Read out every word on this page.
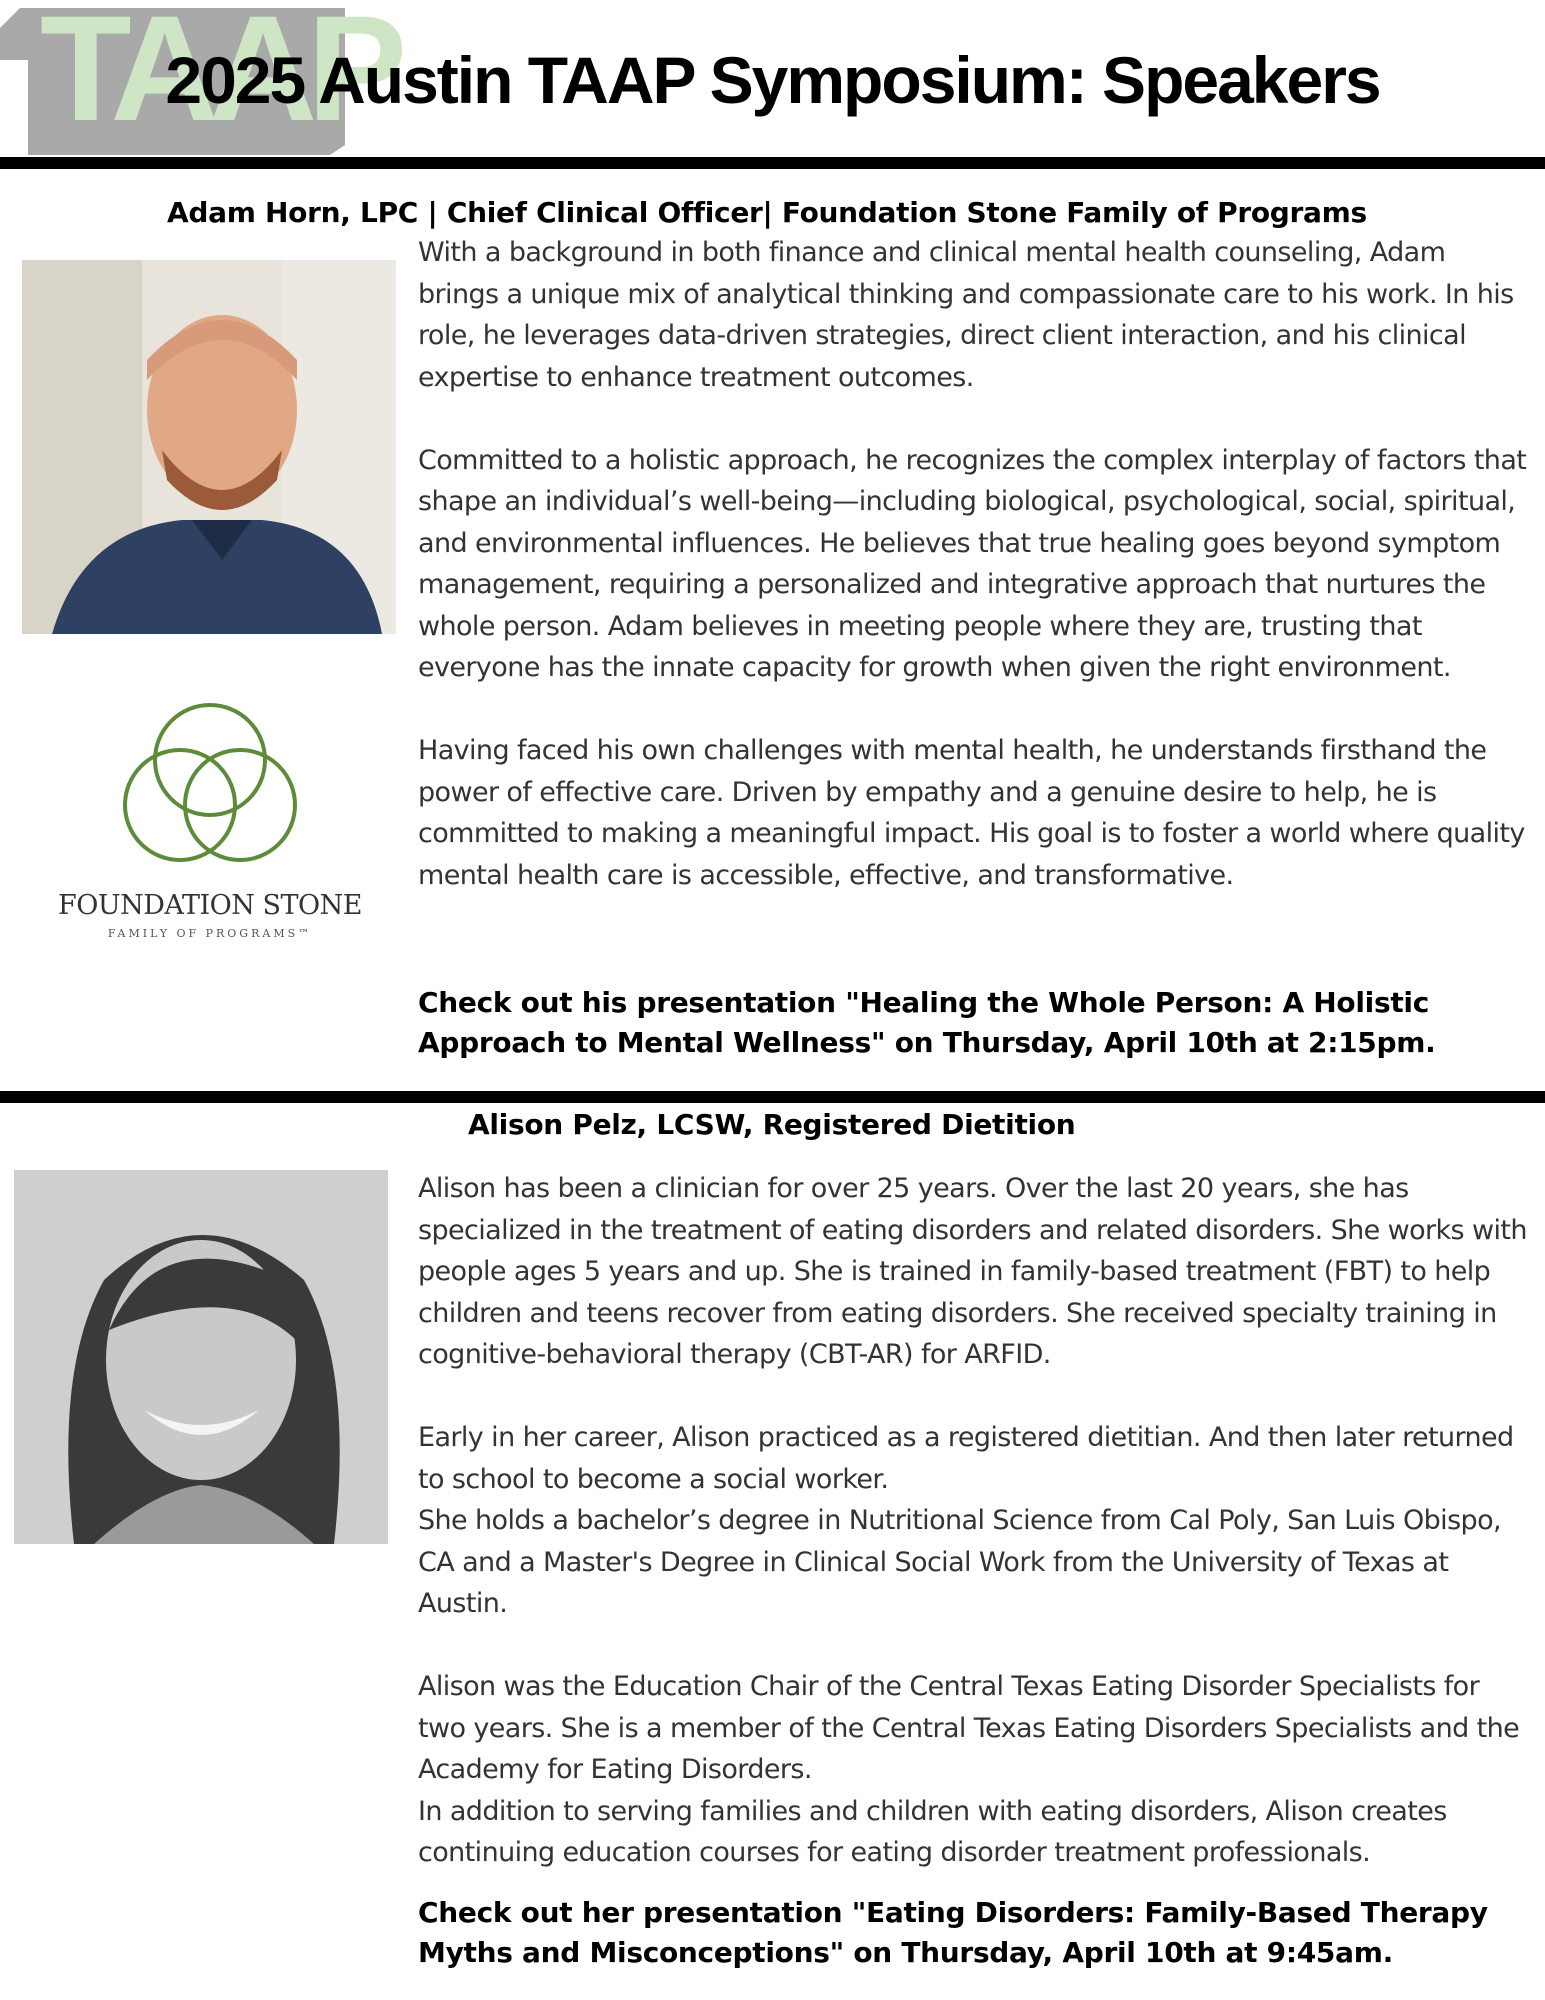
TAAP
2025 Austin TAAP Symposium: Speakers
Adam Horn, LPC | Chief Clinical Officer| Foundation Stone Family of Programs
FOUNDATION STONE
FAMILY OF PROGRAMS™

With a background in both finance and clinical mental health counseling, Adam brings a unique mix of analytical thinking and compassionate care to his work. In his role, he leverages data-driven strategies, direct client interaction, and his clinical expertise to enhance treatment outcomes.

Committed to a holistic approach, he recognizes the complex interplay of factors that shape an individual’s well-being—including biological, psychological, social, spiritual, and environmental influences. He believes that true healing goes beyond symptom management, requiring a personalized and integrative approach that nurtures the whole person. Adam believes in meeting people where they are, trusting that everyone has the innate capacity for growth when given the right environment.

Having faced his own challenges with mental health, he understands firsthand the power of effective care. Driven by empathy and a genuine desire to help, he is committed to making a meaningful impact. His goal is to foster a world where quality mental health care is accessible, effective, and transformative.

Check out his presentation "Healing the Whole Person: A Holistic Approach to Mental Wellness" on Thursday, April 10th at 2:15pm.
Alison Pelz, LCSW, Registered Dietition

Alison has been a clinician for over 25 years. Over the last 20 years, she has specialized in the treatment of eating disorders and related disorders. She works with people ages 5 years and up. She is trained in family-based treatment (FBT) to help children and teens recover from eating disorders. She received specialty training in cognitive-behavioral therapy (CBT-AR) for ARFID.

Early in her career, Alison practiced as a registered dietitian. And then later returned to school to become a social worker.

She holds a bachelor’s degree in Nutritional Science from Cal Poly, San Luis Obispo, CA and a Master's Degree in Clinical Social Work from the University of Texas at Austin.

Alison was the Education Chair of the Central Texas Eating Disorder Specialists for two years. She is a member of the Central Texas Eating Disorders Specialists and the Academy for Eating Disorders.

In addition to serving families and children with eating disorders, Alison creates continuing education courses for eating disorder treatment professionals.

Check out her presentation "Eating Disorders: Family-Based Therapy Myths and Misconceptions" on Thursday, April 10th at 9:45am.
